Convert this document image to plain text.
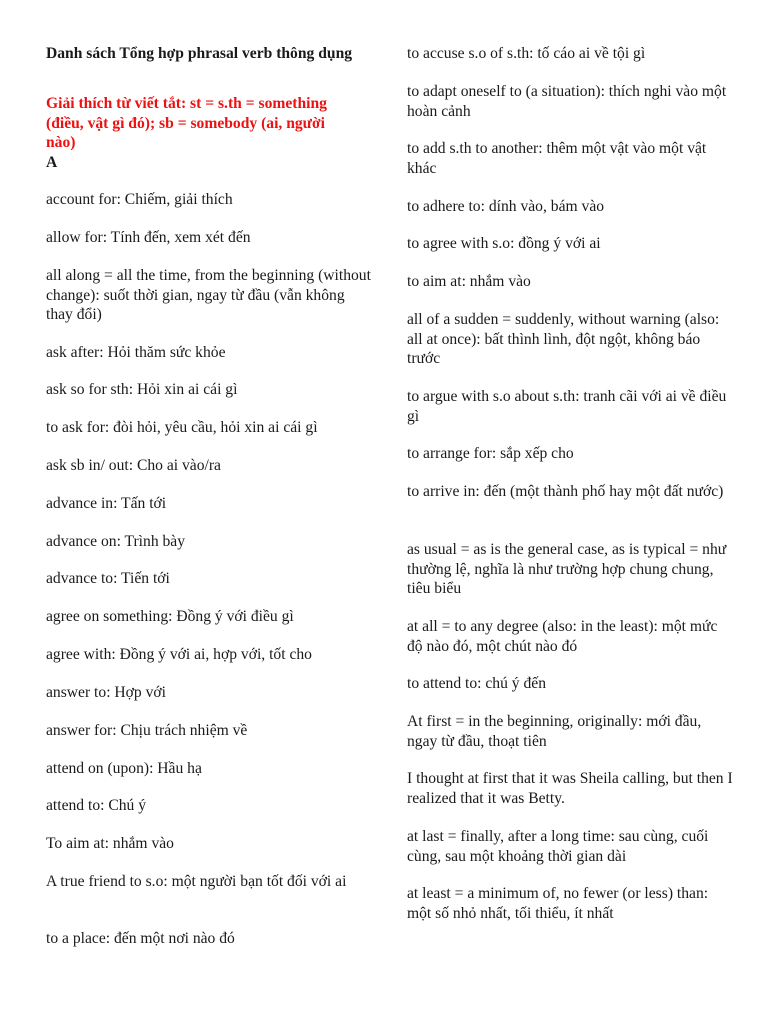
Danh sách Tổng hợp phrasal verb thông dụng

Giải thích từ viết tắt: st = s.th = something (điều, vật gì đó); sb = somebody (ai, người nào)

A

account for: Chiếm, giải thích

allow for: Tính đến, xem xét đến

all along = all the time, from the beginning (without change): suốt thời gian, ngay từ đầu (vẫn không thay đổi)

ask after: Hỏi thăm sức khỏe

ask so for sth: Hỏi xin ai cái gì

to ask for: đòi hỏi, yêu cầu, hỏi xin ai cái gì

ask sb in/ out: Cho ai vào/ra

advance in: Tấn tới

advance on: Trình bày

advance to: Tiến tới

agree on something: Đồng ý với điều gì

agree with: Đồng ý với ai, hợp với, tốt cho

answer to: Hợp với

answer for: Chịu trách nhiệm về

attend on (upon): Hầu hạ

attend to: Chú ý

To aim at: nhắm vào

A true friend to s.o: một người bạn tốt đối với ai

to a place: đến một nơi nào đó

to accuse s.o of s.th: tố cáo ai về tội gì

to adapt oneself to (a situation): thích nghi vào một hoàn cảnh

to add s.th to another: thêm một vật vào một vật khác

to adhere to: dính vào, bám vào

to agree with s.o: đồng ý với ai

to aim at: nhắm vào

all of a sudden = suddenly, without warning (also: all at once): bất thình lình, đột ngột, không báo trước

to argue with s.o about s.th: tranh cãi với ai về điều gì

to arrange for: sắp xếp cho

to arrive in: đến (một thành phố hay một đất nước)

as usual = as is the general case, as is typical = như thường lệ, nghĩa là như trường hợp chung chung, tiêu biểu

at all = to any degree (also: in the least): một mức độ nào đó, một chút nào đó

to attend to: chú ý đến

At first = in the beginning, originally: mới đầu, ngay từ đầu, thoạt tiên

I thought at first that it was Sheila calling, but then I realized that it was Betty.

at last = finally, after a long time: sau cùng, cuối cùng, sau một khoảng thời gian dài

at least = a minimum of, no fewer (or less) than: một số nhỏ nhất, tối thiểu, ít nhất
